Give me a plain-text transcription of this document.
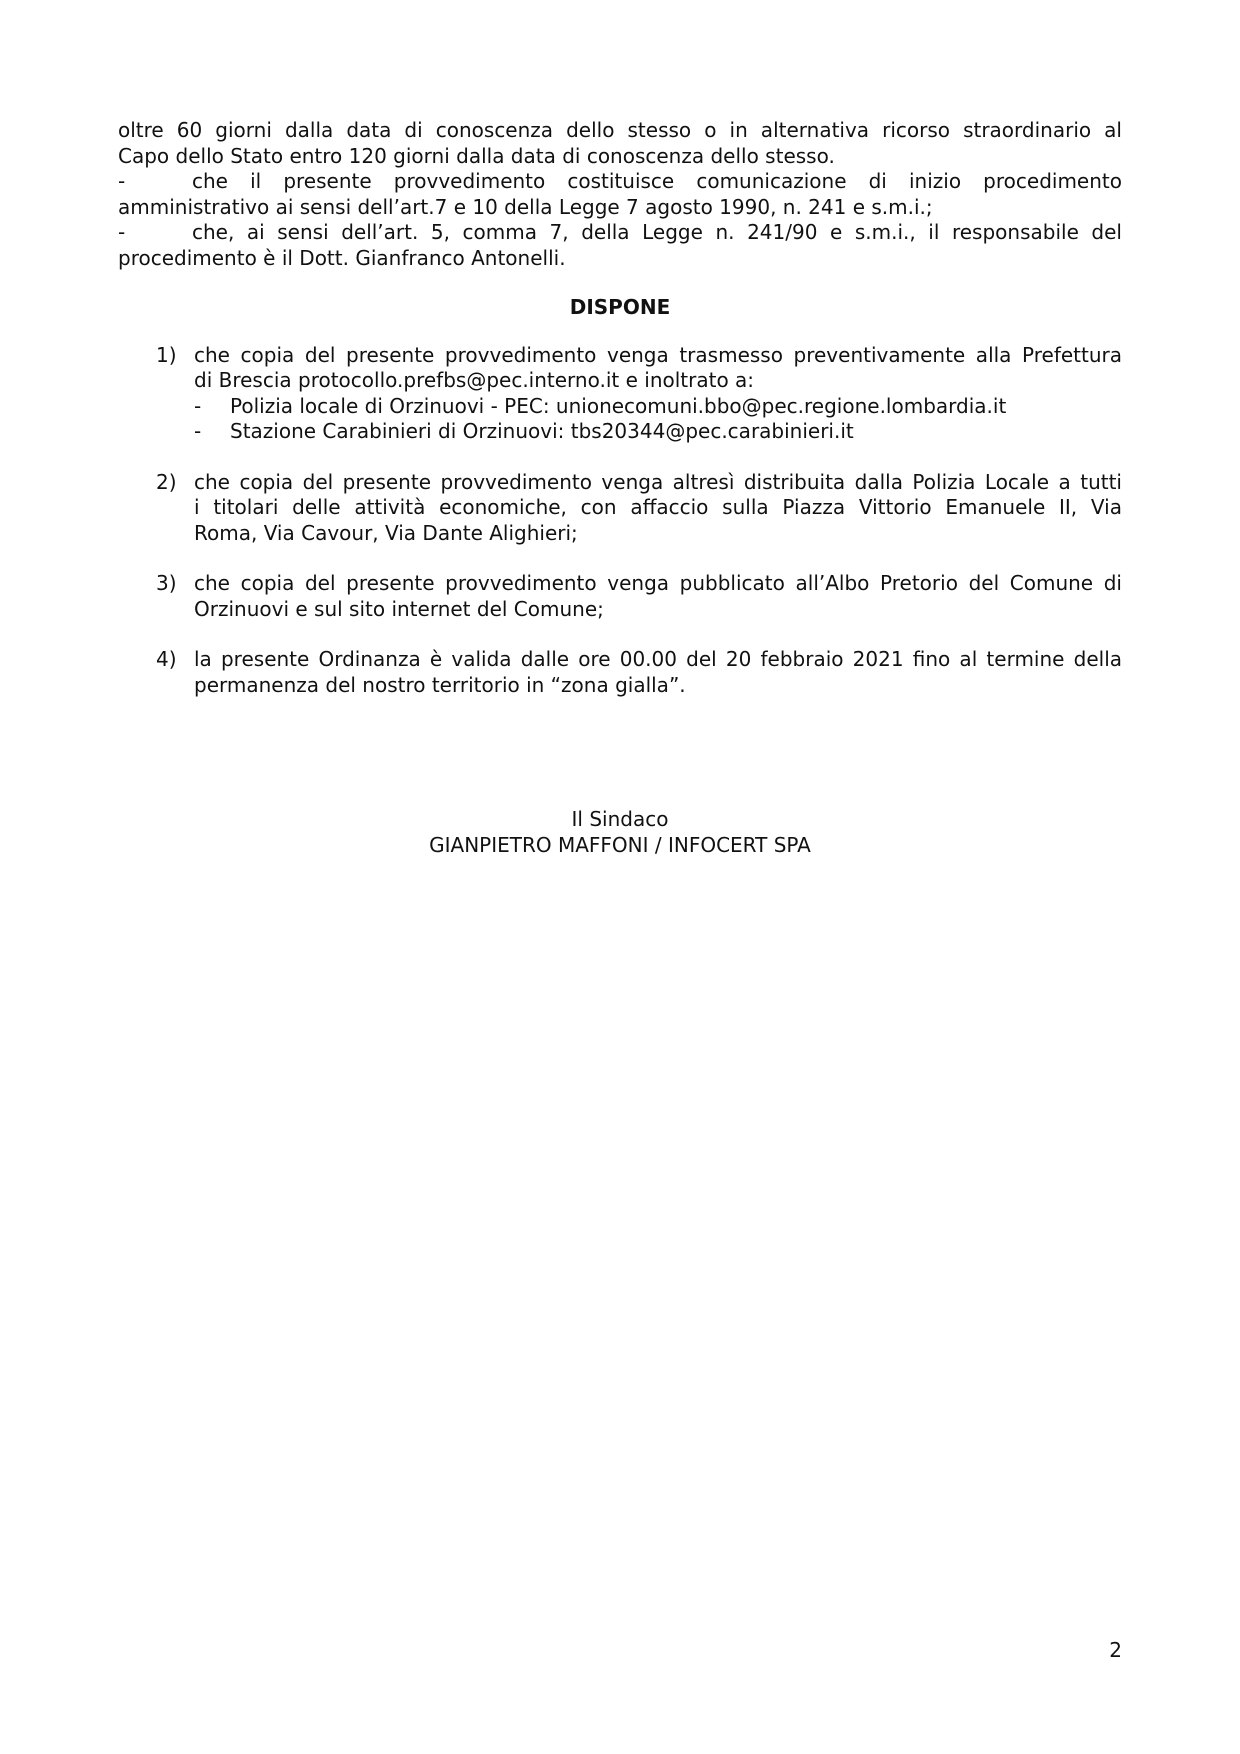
oltre 60 giorni dalla data di conoscenza dello stesso o in alternativa ricorso straordinario al
Capo dello Stato entro 120 giorni dalla data di conoscenza dello stesso.
-	che il presente provvedimento costituisce comunicazione di inizio procedimento
amministrativo ai sensi dell’art.7 e 10 della Legge 7 agosto 1990, n. 241 e s.m.i.;
-	che, ai sensi dell’art. 5, comma 7, della Legge n. 241/90 e s.m.i., il responsabile del
procedimento è il Dott. Gianfranco Antonelli.
DISPONE
1) che copia del presente provvedimento venga trasmesso preventivamente alla Prefettura
di Brescia protocollo.prefbs@pec.interno.it e inoltrato a:
-	Polizia locale di Orzinuovi - PEC: unionecomuni.bbo@pec.regione.lombardia.it
-	Stazione Carabinieri di Orzinuovi: tbs20344@pec.carabinieri.it
2) che copia del presente provvedimento venga altresì distribuita dalla Polizia Locale a tutti
i titolari delle attività economiche, con affaccio sulla Piazza Vittorio Emanuele II, Via
Roma, Via Cavour, Via Dante Alighieri;
3) che copia del presente provvedimento venga pubblicato all’Albo Pretorio del Comune di
Orzinuovi e sul sito internet del Comune;
4) la presente Ordinanza è valida dalle ore 00.00 del 20 febbraio 2021 fino al termine della
permanenza del nostro territorio in “zona gialla”.
Il Sindaco
GIANPIETRO MAFFONI / INFOCERT SPA
2
